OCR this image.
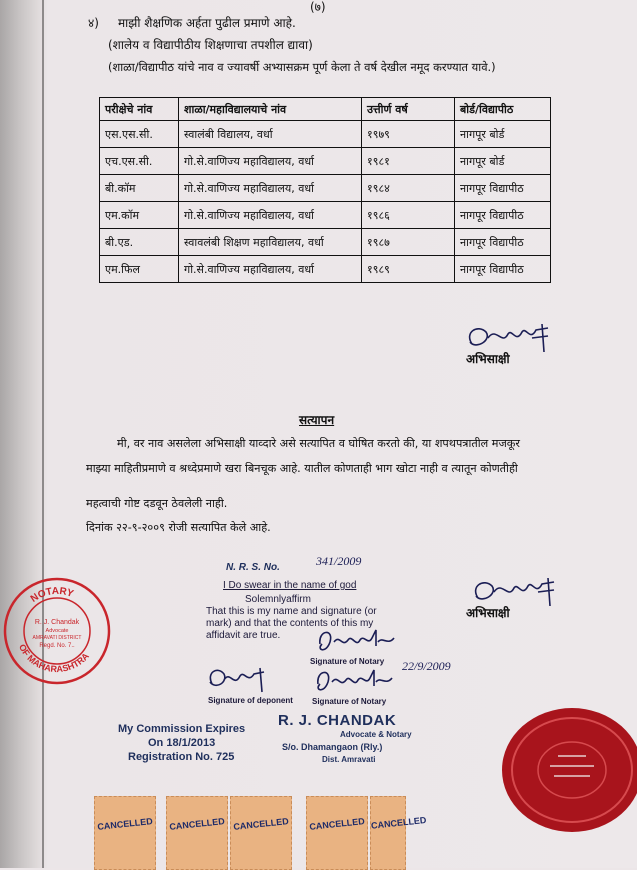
(७)
४) माझी शैक्षणिक अर्हता पुढील प्रमाणे आहे.
(शालेय व विद्यापीठीय शिक्षणाचा तपशील द्यावा)
(शाळा/विद्यापीठ यांचे नाव व ज्यावर्षी अभ्यासक्रम पूर्ण केला ते वर्ष देखील नमूद करण्यात यावे.)
परीक्षेचे नांव	शाळा/महाविद्यालयाचे नांव	उत्तीर्ण वर्ष	बोर्ड/विद्यापीठ
एस.एस.सी.	स्वालंबी विद्यालय, वर्धा	१९७९	नागपूर बोर्ड
एच.एस.सी.	गो.से.वाणिज्य महाविद्यालय, वर्धा	१९८१	नागपूर बोर्ड
बी.कॉम	गो.से.वाणिज्य महाविद्यालय, वर्धा	१९८४	नागपूर विद्यापीठ
एम.कॉम	गो.से.वाणिज्य महाविद्यालय, वर्धा	१९८६	नागपूर विद्यापीठ
बी.एड.	स्वावलंबी शिक्षण महाविद्यालय, वर्धा	१९८७	नागपूर विद्यापीठ
एम.फिल	गो.से.वाणिज्य महाविद्यालय, वर्धा	१९८९	नागपूर विद्यापीठ
अभिसाक्षी
सत्यापन
मी, वर नाव असलेला अभिसाक्षी याव्दारे असे सत्यापित व घोषित करतो की, या शपथपत्रातील मजकूर
माझ्या माहितीप्रमाणे व श्रध्देप्रमाणे खरा बिनचूक आहे. यातील कोणताही भाग खोटा नाही व त्यातून कोणतीही
महत्वाची गोष्ट दडवून ठेवलेली नाही.
दिनांक २२-९-२००९ रोजी सत्यापित केले आहे.
N. R. S. No.	341/2009
I Do swear in the name of god
Solemnlyaffirm
That this is my name and signature (or
mark) and that the contents of this my
affidavit are true.
अभिसाक्षी
Signature of Notary 22/9/2009
Signature of deponent Signature of Notary
My Commission Expires
On 18/1/2013
Registration No. 725
R. J. CHANDAK
Advocate & Notary
S/o. Dhamangaon (Rly.)
Dist. Amravati
NOTARY
OF MAHARASHTRA
R. J. Chandak
Advocate
AMRAVATI DISTRICT
Regd. No. 7..
CANCELLED CANCELLED CANCELLED CANCELLED CANCELLED
